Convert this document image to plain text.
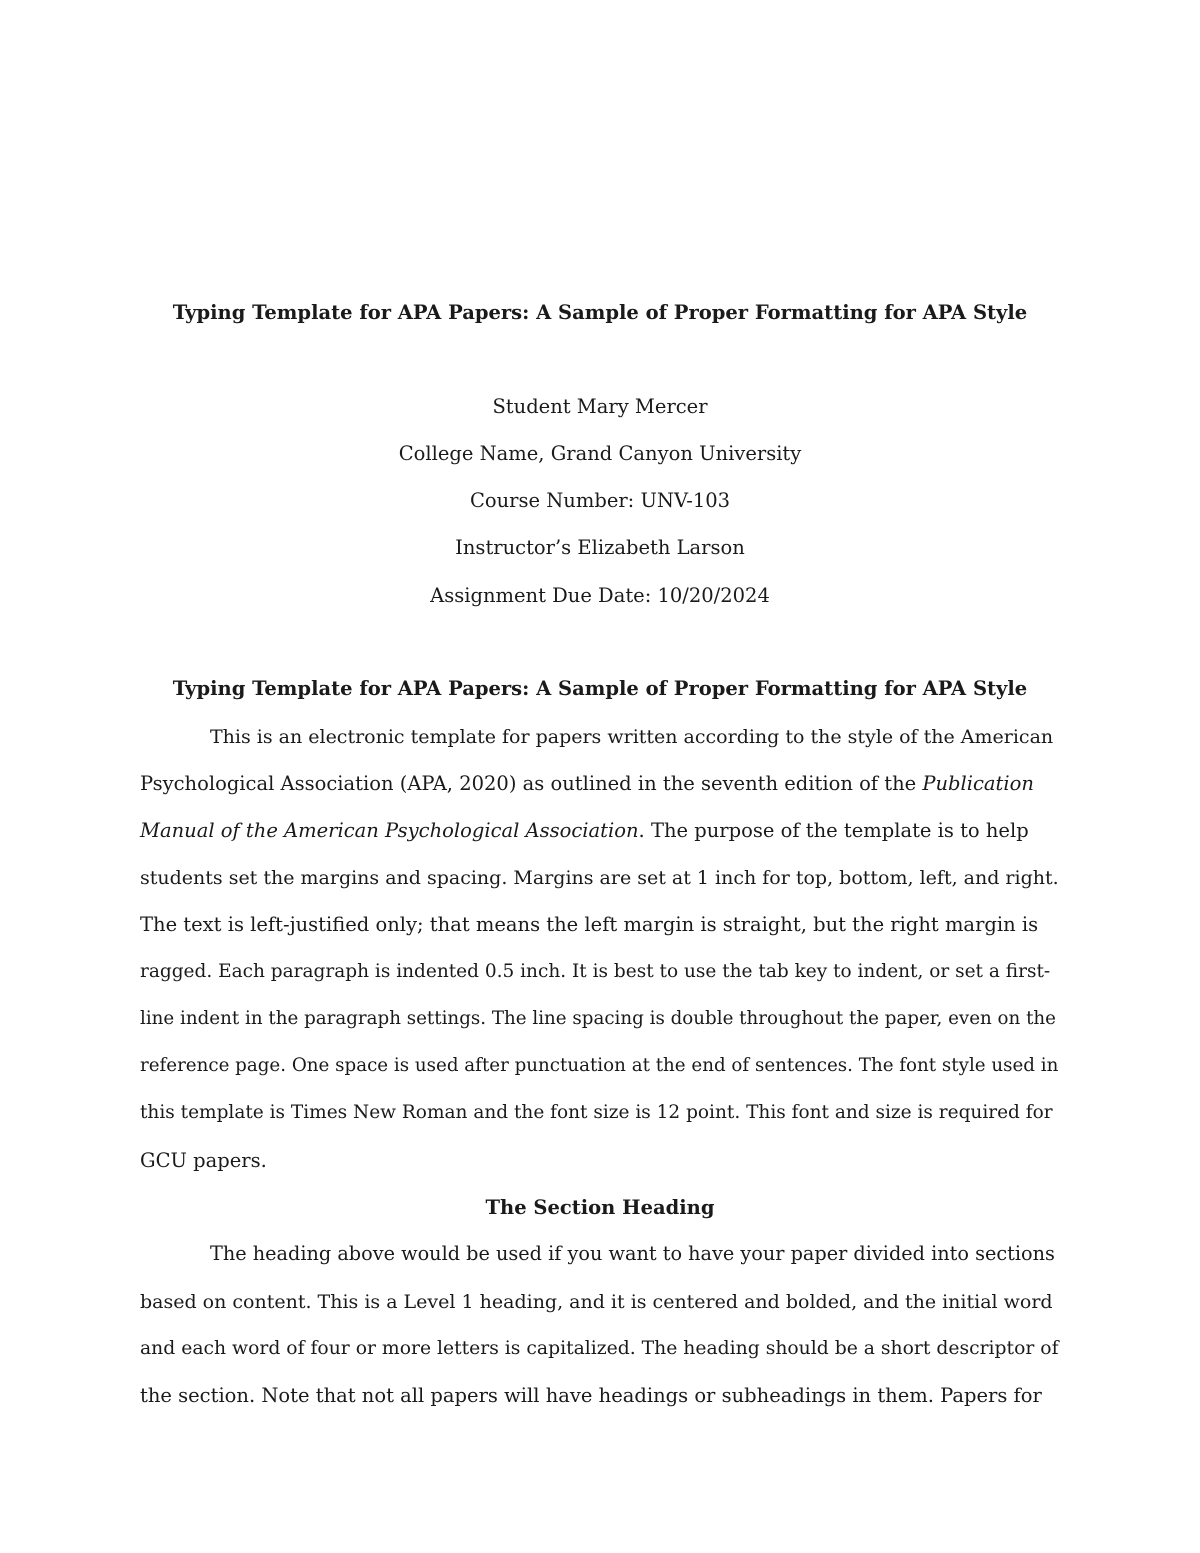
Typing Template for APA Papers: A Sample of Proper Formatting for APA Style
Student Mary Mercer
College Name, Grand Canyon University
Course Number: UNV-103
Instructor’s Elizabeth Larson
Assignment Due Date: 10/20/2024
Typing Template for APA Papers: A Sample of Proper Formatting for APA Style
This is an electronic template for papers written according to the style of the American
Psychological Association (APA, 2020) as outlined in the seventh edition of the Publication
Manual of the American Psychological Association. The purpose of the template is to help
students set the margins and spacing. Margins are set at 1 inch for top, bottom, left, and right.
The text is left-justified only; that means the left margin is straight, but the right margin is
ragged. Each paragraph is indented 0.5 inch. It is best to use the tab key to indent, or set a first-
line indent in the paragraph settings. The line spacing is double throughout the paper, even on the
reference page. One space is used after punctuation at the end of sentences. The font style used in
this template is Times New Roman and the font size is 12 point. This font and size is required for
GCU papers.
The Section Heading
The heading above would be used if you want to have your paper divided into sections
based on content. This is a Level 1 heading, and it is centered and bolded, and the initial word
and each word of four or more letters is capitalized. The heading should be a short descriptor of
the section. Note that not all papers will have headings or subheadings in them. Papers for
